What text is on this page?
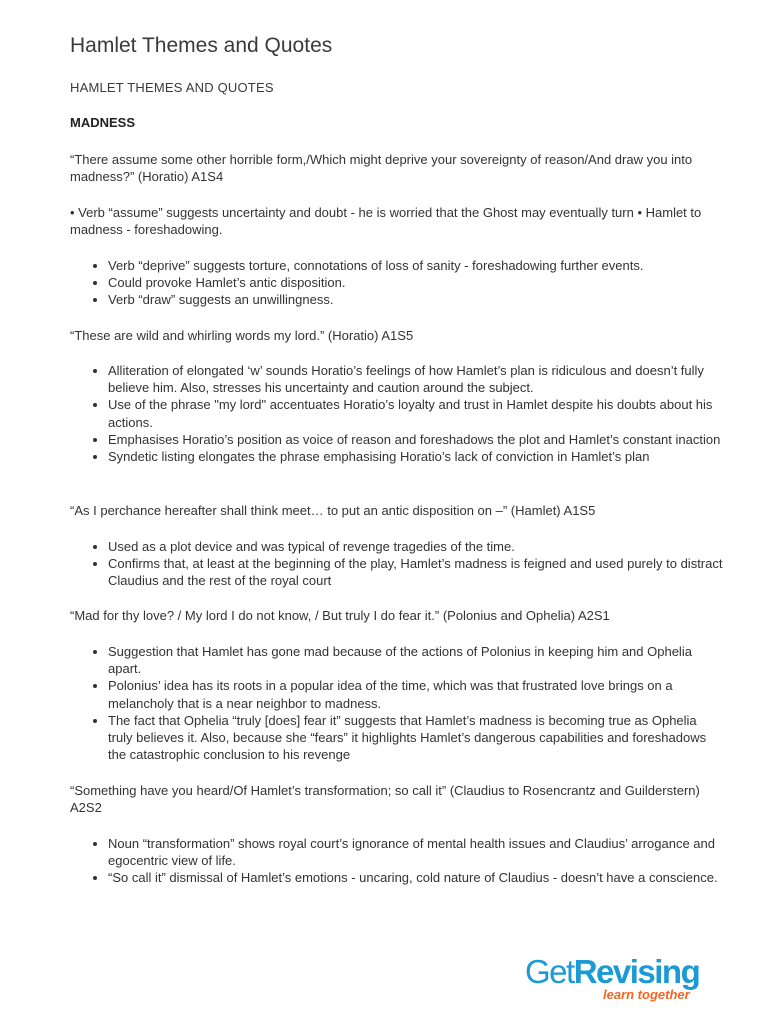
Hamlet Themes and Quotes
HAMLET THEMES AND QUOTES
MADNESS
“There assume some other horrible form,/Which might deprive your sovereignty of reason/And draw you into madness?” (Horatio) A1S4
• Verb “assume” suggests uncertainty and doubt - he is worried that the Ghost may eventually turn • Hamlet to madness - foreshadowing.
• Verb “deprive” suggests torture, connotations of loss of sanity - foreshadowing further events.
• Could provoke Hamlet’s antic disposition.
• Verb “draw” suggests an unwillingness.
“These are wild and whirling words my lord.” (Horatio) A1S5
• Alliteration of elongated ‘w’ sounds Horatio’s feelings of how Hamlet’s plan is ridiculous and doesn’t fully believe him. Also, stresses his uncertainty and caution around the subject.
• Use of the phrase "my lord" accentuates Horatio’s loyalty and trust in Hamlet despite his doubts about his actions.
• Emphasises Horatio’s position as voice of reason and foreshadows the plot and Hamlet’s constant inaction
• Syndetic listing elongates the phrase emphasising Horatio’s lack of conviction in Hamlet’s plan
“As I perchance hereafter shall think meet… to put an antic disposition on –” (Hamlet) A1S5
• Used as a plot device and was typical of revenge tragedies of the time.
• Confirms that, at least at the beginning of the play, Hamlet’s madness is feigned and used purely to distract Claudius and the rest of the royal court
“Mad for thy love? / My lord I do not know, / But truly I do fear it.” (Polonius and Ophelia) A2S1
• Suggestion that Hamlet has gone mad because of the actions of Polonius in keeping him and Ophelia apart.
• Polonius’ idea has its roots in a popular idea of the time, which was that frustrated love brings on a melancholy that is a near neighbor to madness.
• The fact that Ophelia “truly [does] fear it” suggests that Hamlet’s madness is becoming true as Ophelia truly believes it. Also, because she “fears” it highlights Hamlet’s dangerous capabilities and foreshadows the catastrophic conclusion to his revenge
“Something have you heard/Of Hamlet’s transformation; so call it” (Claudius to Rosencrantz and Guilderstern) A2S2
• Noun “transformation” shows royal court’s ignorance of mental health issues and Claudius’ arrogance and egocentric view of life.
• “So call it” dismissal of Hamlet’s emotions - uncaring, cold nature of Claudius - doesn’t have a conscience.
GetRevising
learn together
